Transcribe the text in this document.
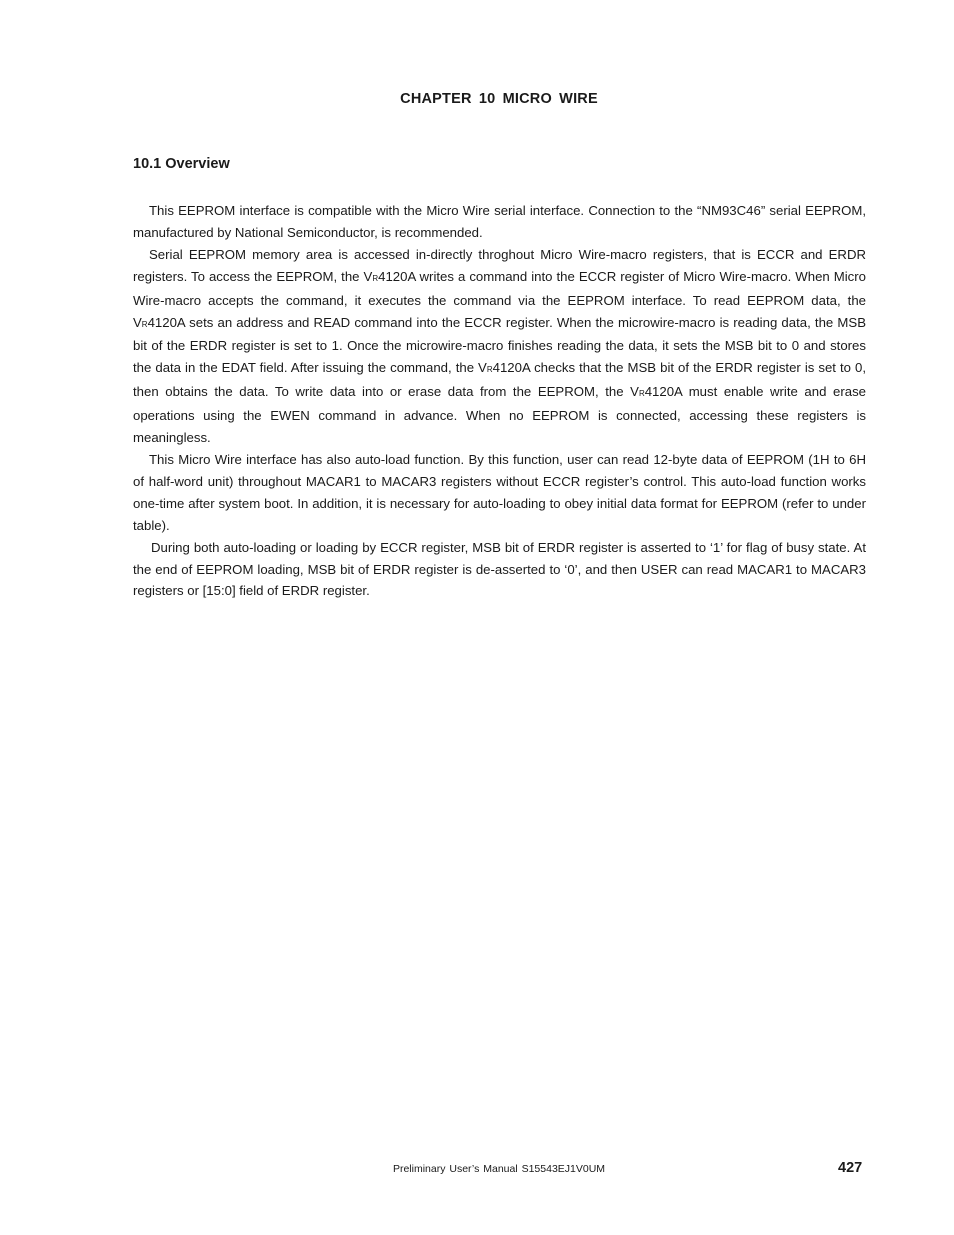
CHAPTER 10 MICRO WIRE
10.1 Overview

This EEPROM interface is compatible with the Micro Wire serial interface. Connection to the “NM93C46” serial EEPROM, manufactured by National Semiconductor, is recommended.

Serial EEPROM memory area is accessed in-directly throghout Micro Wire-macro registers, that is ECCR and ERDR registers. To access the EEPROM, the VR4120A writes a command into the ECCR register of Micro Wire-macro. When Micro Wire-macro accepts the command, it executes the command via the EEPROM interface. To read EEPROM data, the VR4120A sets an address and READ command into the ECCR register. When the microwire-macro is reading data, the MSB bit of the ERDR register is set to 1. Once the microwire-macro finishes reading the data, it sets the MSB bit to 0 and stores the data in the EDAT field. After issuing the command, the VR4120A checks that the MSB bit of the ERDR register is set to 0, then obtains the data. To write data into or erase data from the EEPROM, the VR4120A must enable write and erase operations using the EWEN command in advance. When no EEPROM is connected, accessing these registers is meaningless.

This Micro Wire interface has also auto-load function. By this function, user can read 12-byte data of EEPROM (1H to 6H of half-word unit) throughout MACAR1 to MACAR3 registers without ECCR register’s control. This auto-load function works one-time after system boot. In addition, it is necessary for auto-loading to obey initial data format for EEPROM (refer to under table).

During both auto-loading or loading by ECCR register, MSB bit of ERDR register is asserted to ‘1’ for flag of busy state. At the end of EEPROM loading, MSB bit of ERDR register is de-asserted to ‘0’, and then USER can read MACAR1 to MACAR3 registers or [15:0] field of ERDR register.

Preliminary User’s Manual S15543EJ1V0UM	427
